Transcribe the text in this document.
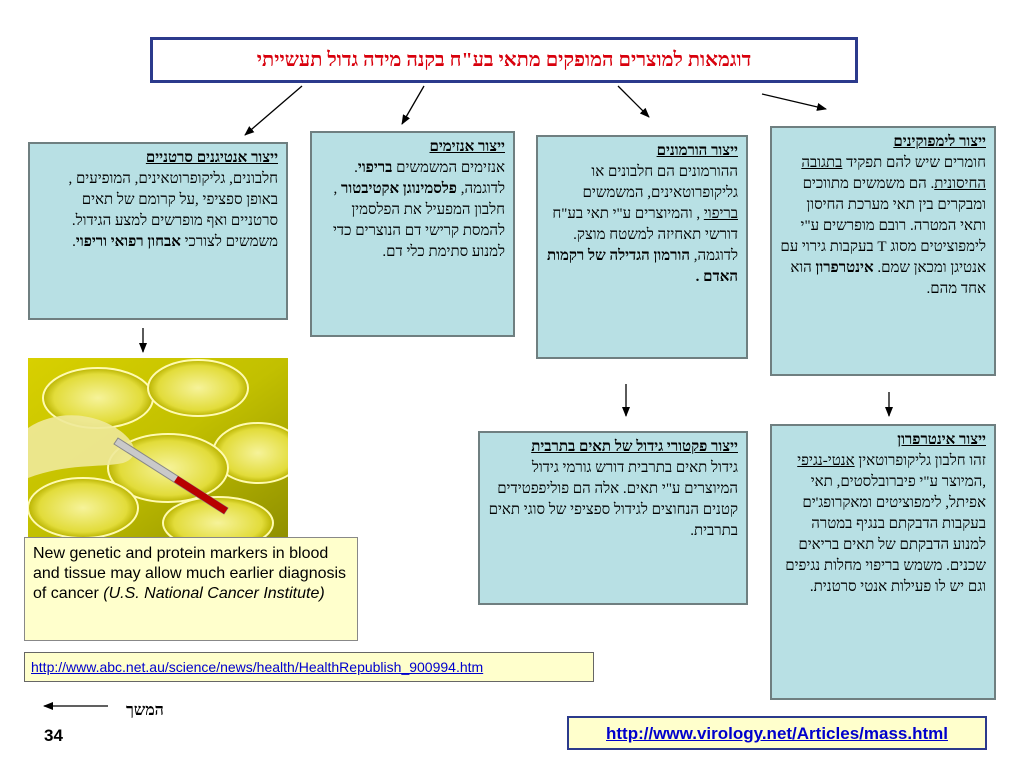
דוגמאות למוצרים המופקים מתאי בע"ח בקנה מידה גדול תעשייתי
ייצור אנטיגנים סרטניים
חלבונים, גליקופרוטאינים, המופיעים , באופן ספציפי ,על קרומם של תאים סרטניים ואף מופרשים למצע הגידול.
משמשים לצורכי אבחון רפואי וריפוי.
ייצור אנזימים
אנזימים המשמשים בריפוי. לדוגמה, פלסמינוגן אקטיבטור , חלבון המפעיל את הפלסמין להמסת קרישי דם הנוצרים כדי למנוע סתימת כלי דם.
ייצור הורמונים
ההורמונים הם חלבונים או גליקופרוטאינים, המשמשים בריפוי , והמיוצרים ע"י תאי בע"ח דורשי תאחיזה למשטח מוצק. לדוגמה, הורמון הגדילה של רקמות האדם .
ייצור לימפוקינים
חומרים שיש להם תפקיד בתגובה החיסונית. הם משמשים מתווכים ומבקרים בין תאי מערכת החיסון ותאי המטרה. רובם מופרשים ע"י לימפוציטים מסוג T בעקבות גירוי עם אנטיגן ומכאן שמם. אינטרפרון הוא אחד מהם.
ייצור פקטורי גידול של תאים בתרבית
גידול תאים בתרבית דורש גורמי גידול המיוצרים ע"י תאים. אלה הם פוליפפטידים קטנים הנחוצים לגידול ספציפי של סוגי תאים בתרבית.
ייצור אינטרפרון
זהו חלבון גליקופרוטאין אנטי-נגיפי ,המיוצר ע"י פיברובלסטים, תאי אפיתל, לימפוציטים ומאקרופג'ים בעקבות הדבקתם בנגיף במטרה למנוע הדבקתם של תאים בריאים שכנים. משמש בריפוי מחלות נגיפים וגם יש לו פעילות אנטי סרטנית.
New genetic and protein markers in blood and tissue may allow much earlier diagnosis of cancer (U.S. National Cancer Institute)
http://www.abc.net.au/science/news/health/HealthRepublish_900994.htm
http://www.virology.net/Articles/mass.html
המשך
34
